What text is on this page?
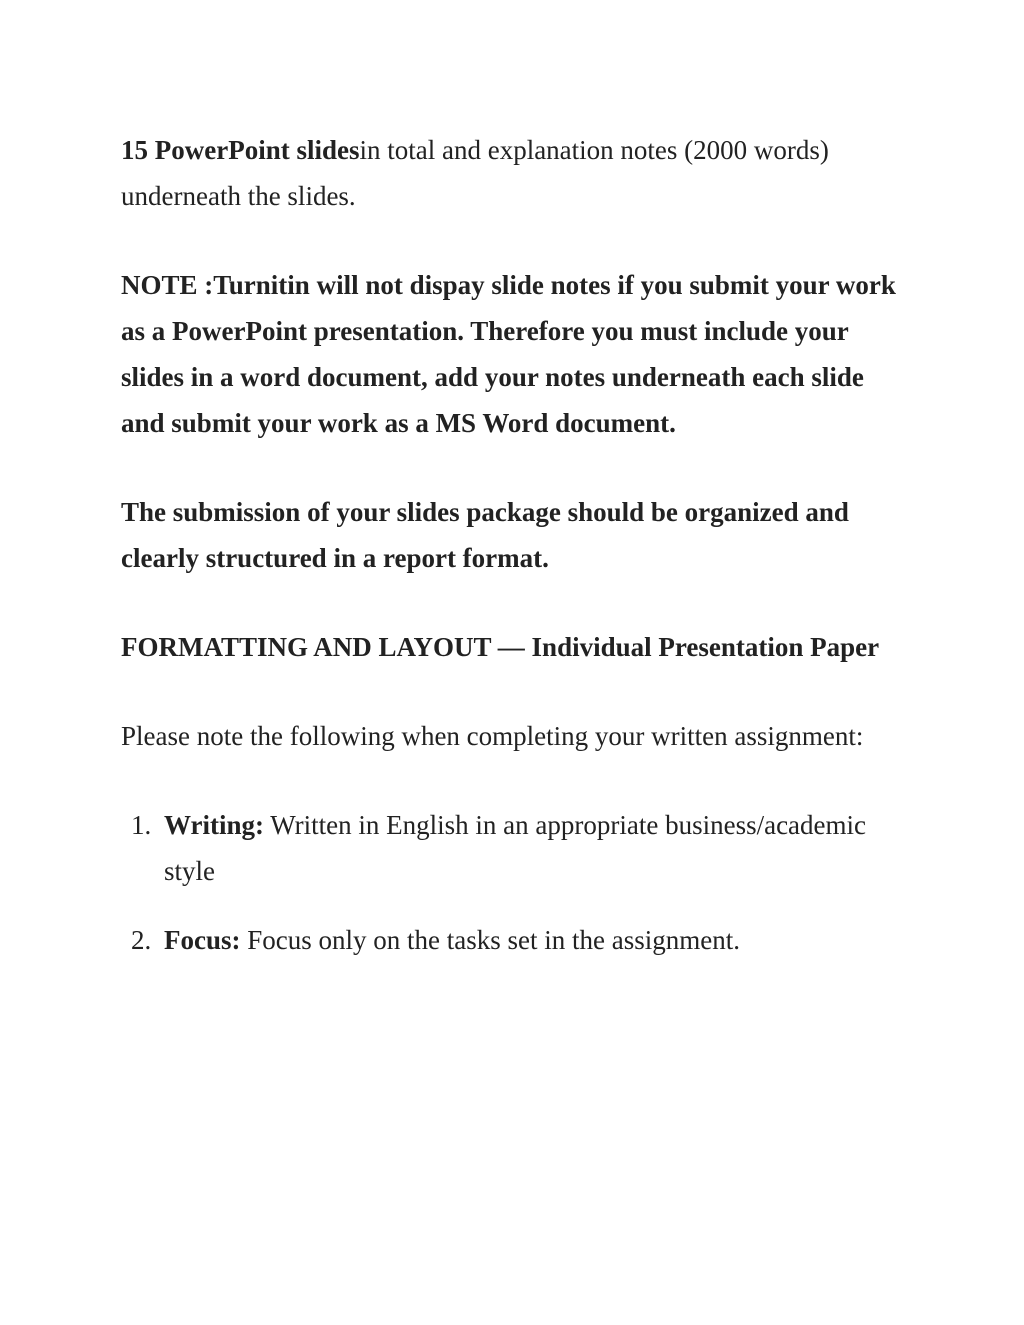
15 PowerPoint slidesin total and explanation notes (2000 words) underneath the slides.

NOTE :Turnitin will not dispay slide notes if you submit your work as a PowerPoint presentation. Therefore you must include your slides in a word document, add your notes underneath each slide and submit your work as a MS Word document.

The submission of your slides package should be organized and clearly structured in a report format.

FORMATTING AND LAYOUT — Individual Presentation Paper

Please note the following when completing your written assignment:

1. Writing: Written in English in an appropriate business/academic style
2. Focus: Focus only on the tasks set in the assignment.
